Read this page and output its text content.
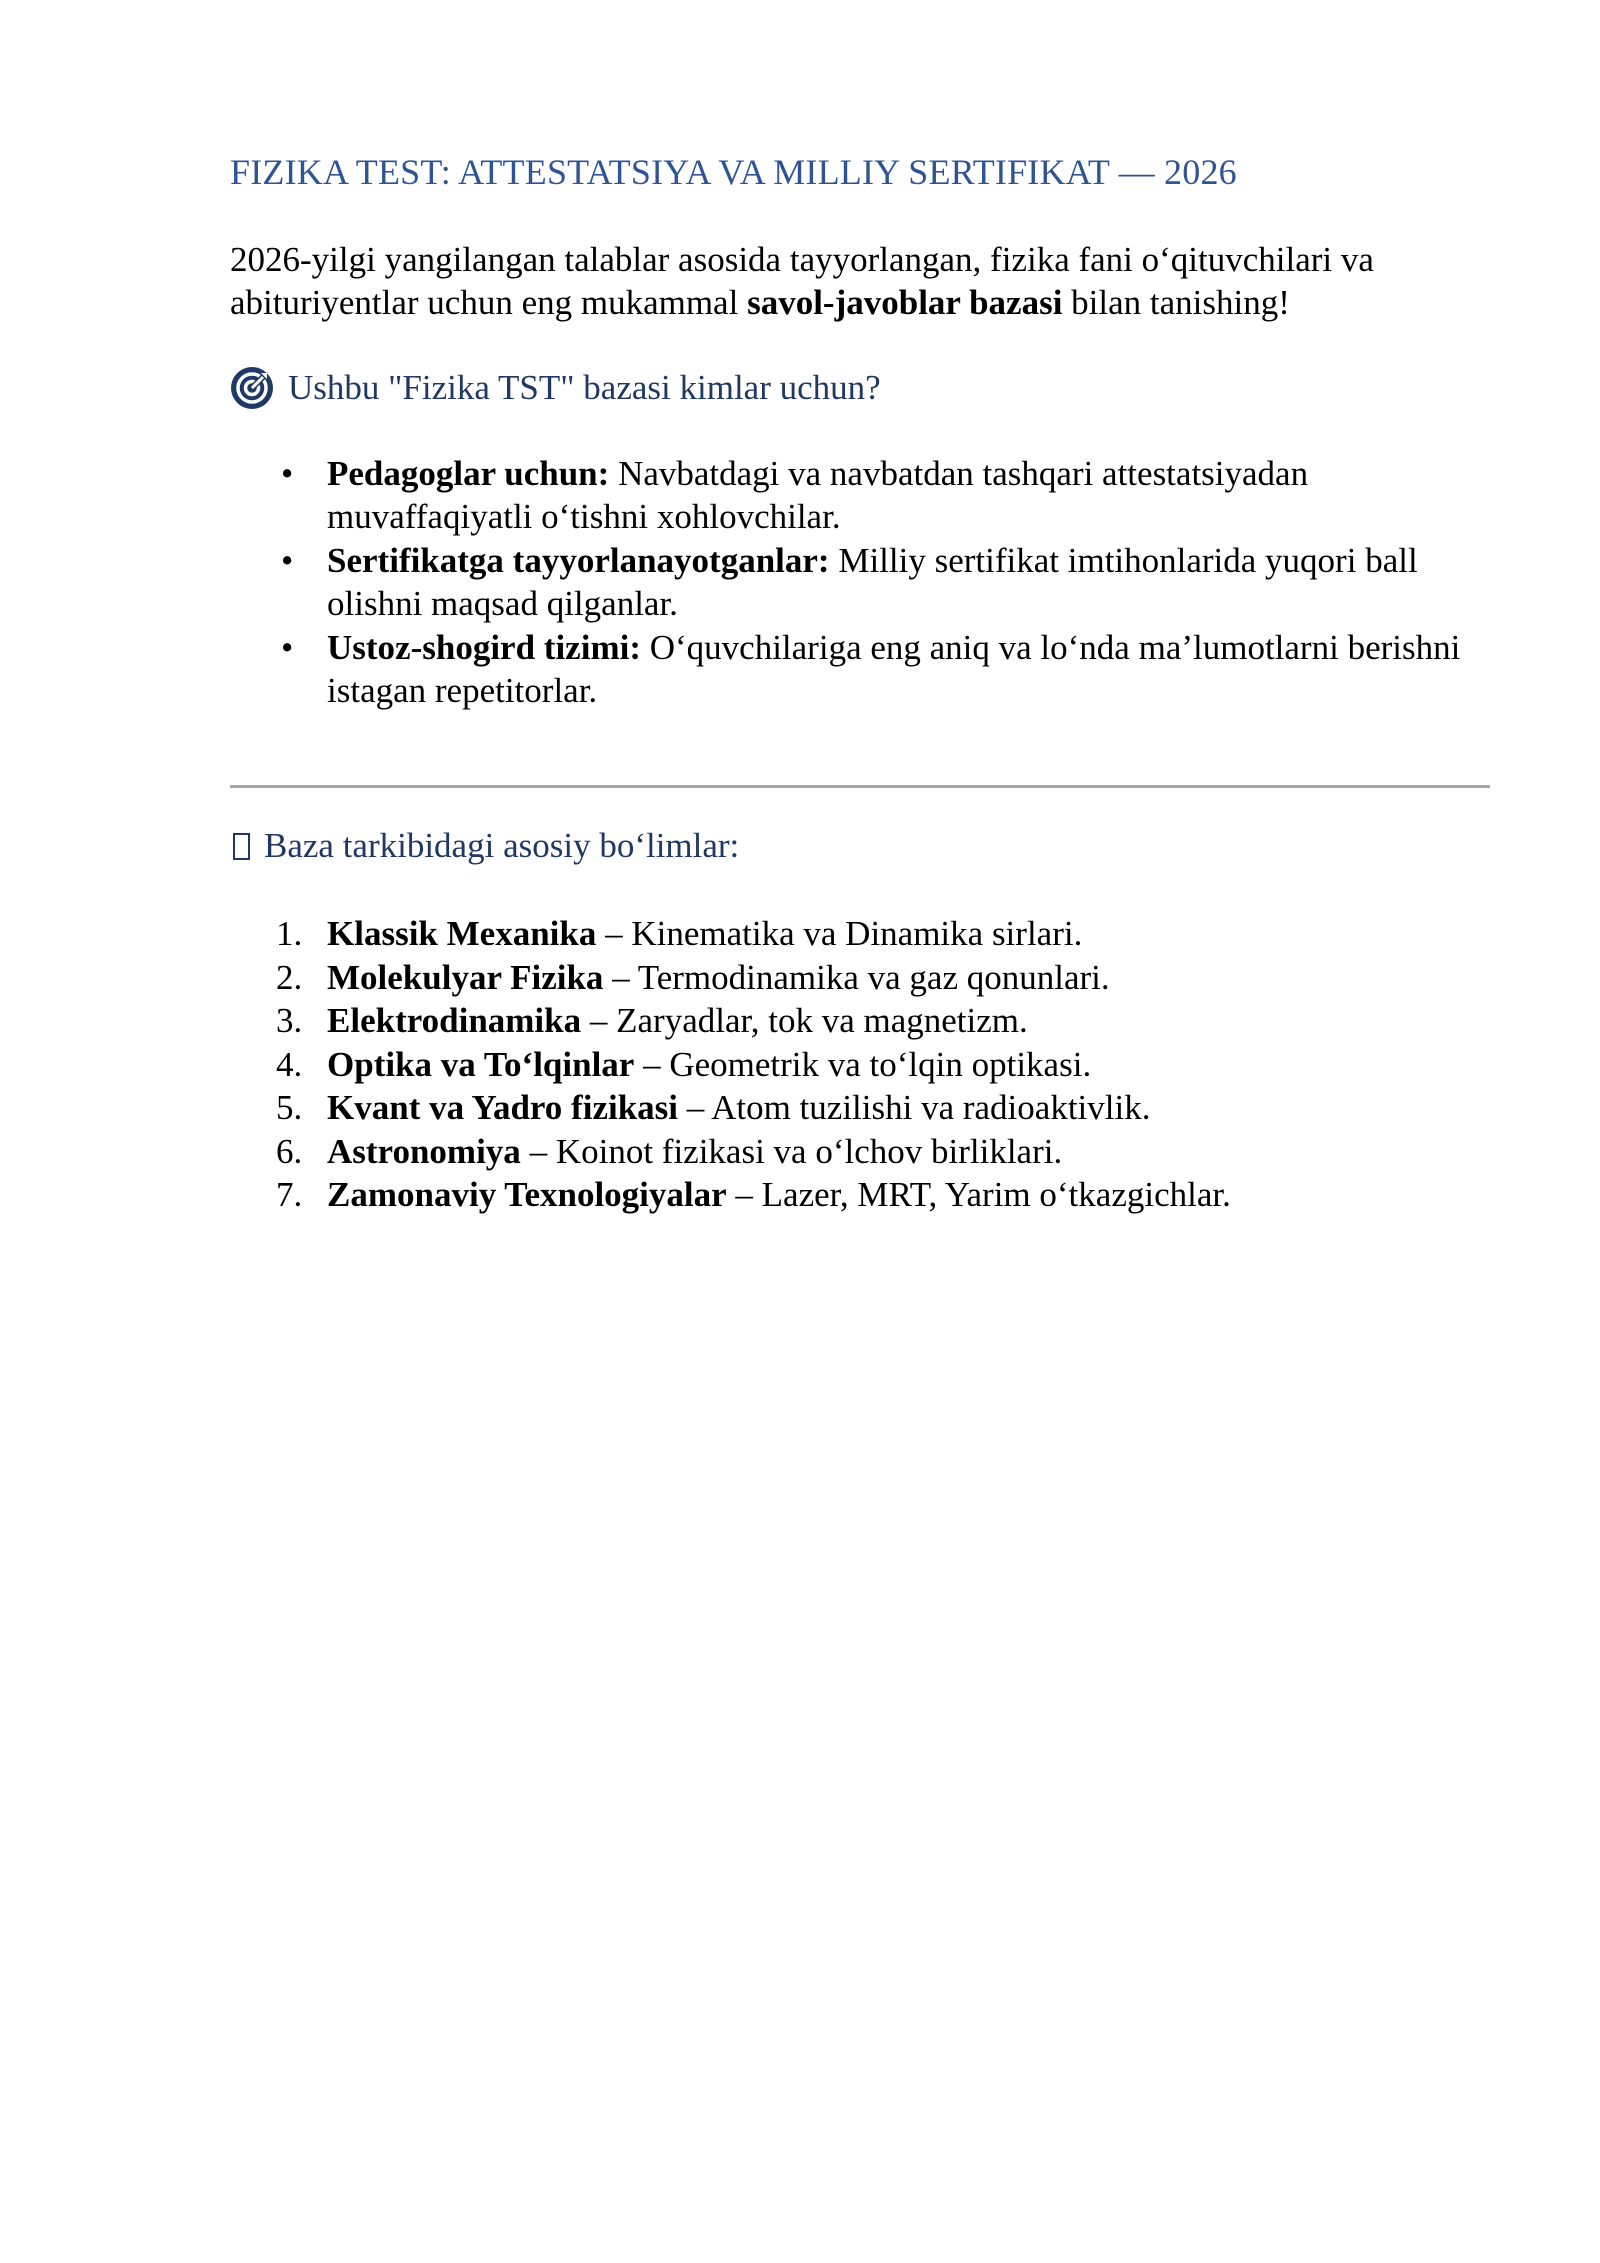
FIZIKA TEST: ATTESTATSIYA VA MILLIY SERTIFIKAT — 2026

2026-yilgi yangilangan talablar asosida tayyorlangan, fizika fani o‘qituvchilari va abituriyentlar uchun eng mukammal savol-javoblar bazasi bilan tanishing!

Ushbu "Fizika TST" bazasi kimlar uchun?
• Pedagoglar uchun: Navbatdagi va navbatdan tashqari attestatsiyadan muvaffaqiyatli o‘tishni xohlovchilar.
• Sertifikatga tayyorlanayotganlar: Milliy sertifikat imtihonlarida yuqori ball olishni maqsad qilganlar.
• Ustoz-shogird tizimi: O‘quvchilariga eng aniq va lo‘nda ma’lumotlarni berishni istagan repetitorlar.
Baza tarkibidagi asosiy bo‘limlar:
1. Klassik Mexanika – Kinematika va Dinamika sirlari.
2. Molekulyar Fizika – Termodinamika va gaz qonunlari.
3. Elektrodinamika – Zaryadlar, tok va magnetizm.
4. Optika va To‘lqinlar – Geometrik va to‘lqin optikasi.
5. Kvant va Yadro fizikasi – Atom tuzilishi va radioaktivlik.
6. Astronomiya – Koinot fizikasi va o‘lchov birliklari.
7. Zamonaviy Texnologiyalar – Lazer, MRT, Yarim o‘tkazgichlar.
